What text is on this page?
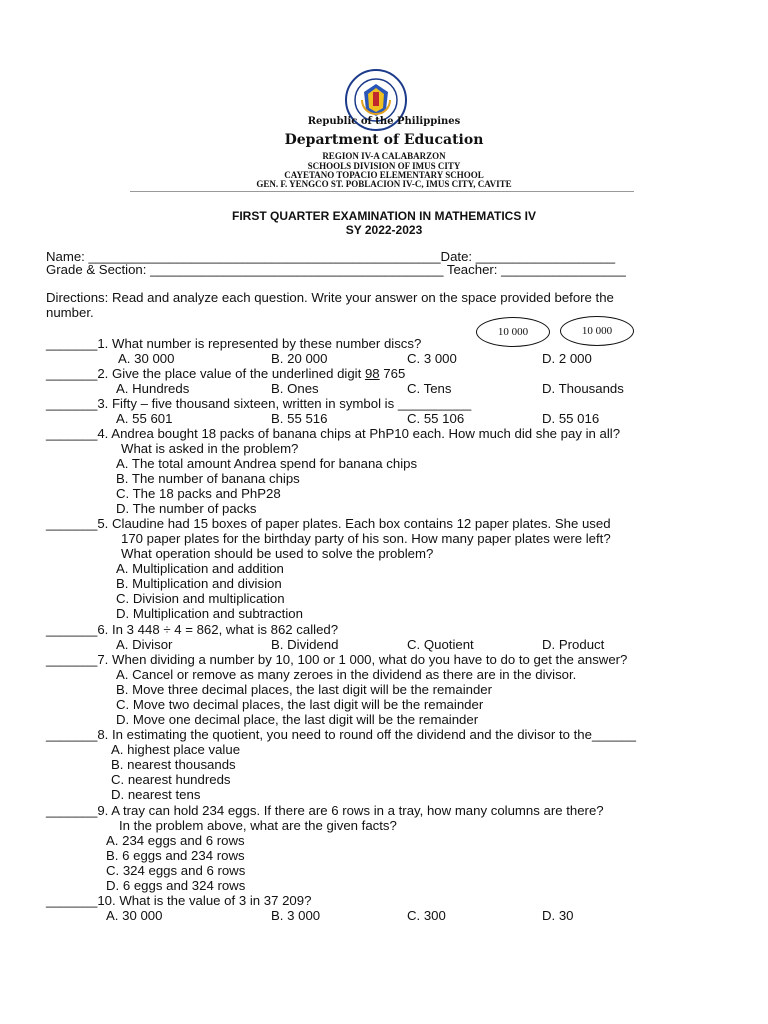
Republic of the Philippines
Department of Education
REGION IV-A CALABARZON
SCHOOLS DIVISION OF IMUS CITY
CAYETANO TOPACIO ELEMENTARY SCHOOL
GEN. F. YENGCO ST. POBLACION IV-C, IMUS CITY, CAVITE
FIRST QUARTER EXAMINATION IN MATHEMATICS IV
SY 2022-2023
Name: ________________________________________________Date: ___________________
Grade & Section: ________________________________________ Teacher: _________________
Directions: Read and analyze each question. Write your answer on the space provided before the
number.
10 000	10 000
_______1. What number is represented by these number discs?
A. 30 000	B. 20 000	C. 3 000	D. 2 000
_______2. Give the place value of the underlined digit 98 765
A. Hundreds	B. Ones	C. Tens	D. Thousands
_______3. Fifty – five thousand sixteen, written in symbol is __________
A. 55 601	B. 55 516	C. 55 106	D. 55 016
_______4. Andrea bought 18 packs of banana chips at PhP10 each. How much did she pay in all?
What is asked in the problem?
A. The total amount Andrea spend for banana chips
B. The number of banana chips
C. The 18 packs and PhP28
D. The number of packs
_______5. Claudine had 15 boxes of paper plates. Each box contains 12 paper plates. She used
170 paper plates for the birthday party of his son. How many paper plates were left?
What operation should be used to solve the problem?
A. Multiplication and addition
B. Multiplication and division
C. Division and multiplication
D. Multiplication and subtraction
_______6. In 3 448 ÷ 4 = 862, what is 862 called?
A. Divisor	B. Dividend	C. Quotient	D. Product
_______7. When dividing a number by 10, 100 or 1 000, what do you have to do to get the answer?
A. Cancel or remove as many zeroes in the dividend as there are in the divisor.
B. Move three decimal places, the last digit will be the remainder
C. Move two decimal places, the last digit will be the remainder
D. Move one decimal place, the last digit will be the remainder
_______8. In estimating the quotient, you need to round off the dividend and the divisor to the______
A. highest place value
B. nearest thousands
C. nearest hundreds
D. nearest tens
_______9. A tray can hold 234 eggs. If there are 6 rows in a tray, how many columns are there?
In the problem above, what are the given facts?
A. 234 eggs and 6 rows
B. 6 eggs and 234 rows
C. 324 eggs and 6 rows
D. 6 eggs and 324 rows
_______10. What is the value of 3 in 37 209?
A. 30 000	B. 3 000	C. 300	D. 30
